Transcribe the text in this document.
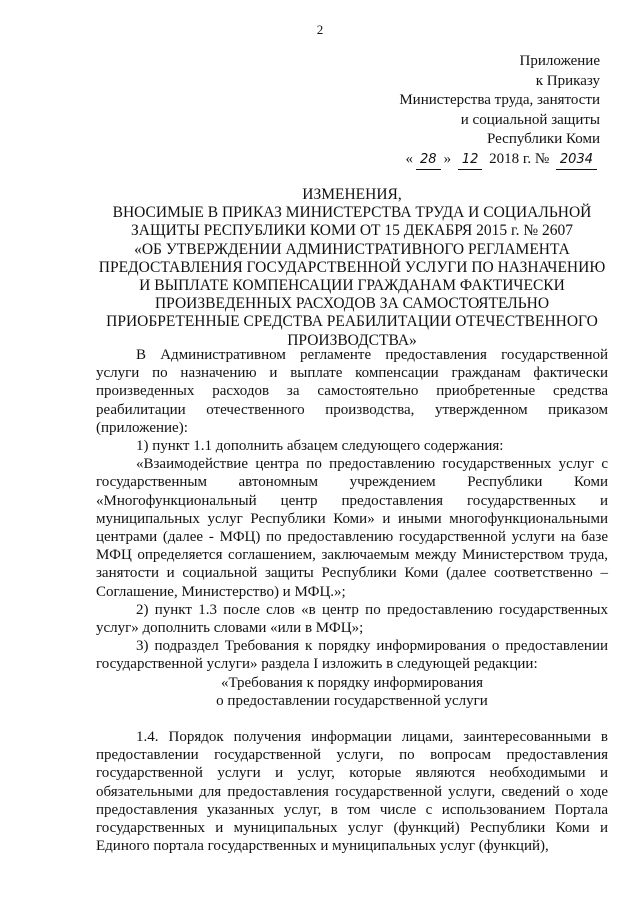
2
Приложение
к Приказу
Министерства труда, занятости
и социальной защиты
Республики Коми
« 28 » 12 2018 г. № 2034
ИЗМЕНЕНИЯ,
ВНОСИМЫЕ В ПРИКАЗ МИНИСТЕРСТВА ТРУДА И СОЦИАЛЬНОЙ
ЗАЩИТЫ РЕСПУБЛИКИ КОМИ ОТ 15 ДЕКАБРЯ 2015 г. № 2607
«ОБ УТВЕРЖДЕНИИ АДМИНИСТРАТИВНОГО РЕГЛАМЕНТА
ПРЕДОСТАВЛЕНИЯ ГОСУДАРСТВЕННОЙ УСЛУГИ ПО НАЗНАЧЕНИЮ
И ВЫПЛАТЕ КОМПЕНСАЦИИ ГРАЖДАНАМ ФАКТИЧЕСКИ
ПРОИЗВЕДЕННЫХ РАСХОДОВ ЗА САМОСТОЯТЕЛЬНО
ПРИОБРЕТЕННЫЕ СРЕДСТВА РЕАБИЛИТАЦИИ ОТЕЧЕСТВЕННОГО
ПРОИЗВОДСТВА»

В Административном регламенте предоставления государственной услуги по назначению и выплате компенсации гражданам фактически произведенных расходов за самостоятельно приобретенные средства реабилитации отечественного производства, утвержденном приказом (приложение):

1) пункт 1.1 дополнить абзацем следующего содержания:

«Взаимодействие центра по предоставлению государственных услуг с государственным автономным учреждением Республики Коми «Многофункциональный центр предоставления государственных и муниципальных услуг Республики Коми» и иными многофункциональными центрами (далее - МФЦ) по предоставлению государственной услуги на базе МФЦ определяется соглашением, заключаемым между Министерством труда, занятости и социальной защиты Республики Коми (далее соответственно – Соглашение, Министерство) и МФЦ.»;

2) пункт 1.3 после слов «в центр по предоставлению государственных услуг» дополнить словами «или в МФЦ»;

3) подраздел Требования к порядку информирования о предоставлении государственной услуги» раздела I изложить в следующей редакции:

«Требования к порядку информирования

о предоставлении государственной услуги

1.4. Порядок получения информации лицами, заинтересованными в предоставлении государственной услуги, по вопросам предоставления государственной услуги и услуг, которые являются необходимыми и обязательными для предоставления государственной услуги, сведений о ходе предоставления указанных услуг, в том числе с использованием Портала государственных и муниципальных услуг (функций) Республики Коми и Единого портала государственных и муниципальных услуг (функций),
